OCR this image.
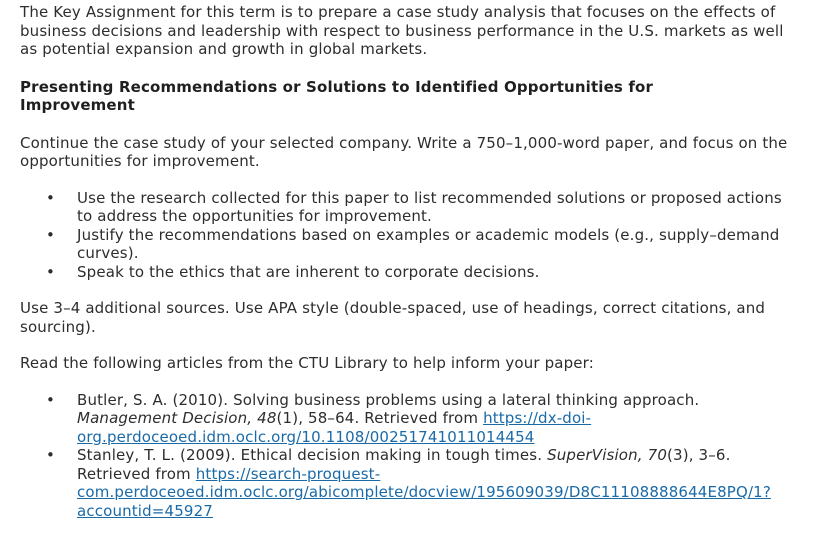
The Key Assignment for this term is to prepare a case study analysis that focuses on the effects of business decisions and leadership with respect to business performance in the U.S. markets as well as potential expansion and growth in global markets.

Presenting Recommendations or Solutions to Identified Opportunities for Improvement

Continue the case study of your selected company. Write a 750–1,000-word paper, and focus on the opportunities for improvement.

• Use the research collected for this paper to list recommended solutions or proposed actions to address the opportunities for improvement.
• Justify the recommendations based on examples or academic models (e.g., supply–demand curves).
• Speak to the ethics that are inherent to corporate decisions.

Use 3–4 additional sources. Use APA style (double-spaced, use of headings, correct citations, and sourcing).

Read the following articles from the CTU Library to help inform your paper:

• Butler, S. A. (2010). Solving business problems using a lateral thinking approach. Management Decision, 48(1), 58–64. Retrieved from https://dx-doi-org.perdoceoed.idm.oclc.org/10.1108/00251741011014454
• Stanley, T. L. (2009). Ethical decision making in tough times. SuperVision, 70(3), 3–6. Retrieved from https://search-proquest-com.perdoceoed.idm.oclc.org/abicomplete/docview/195609039/D8C11108888644E8PQ/1?accountid=45927
